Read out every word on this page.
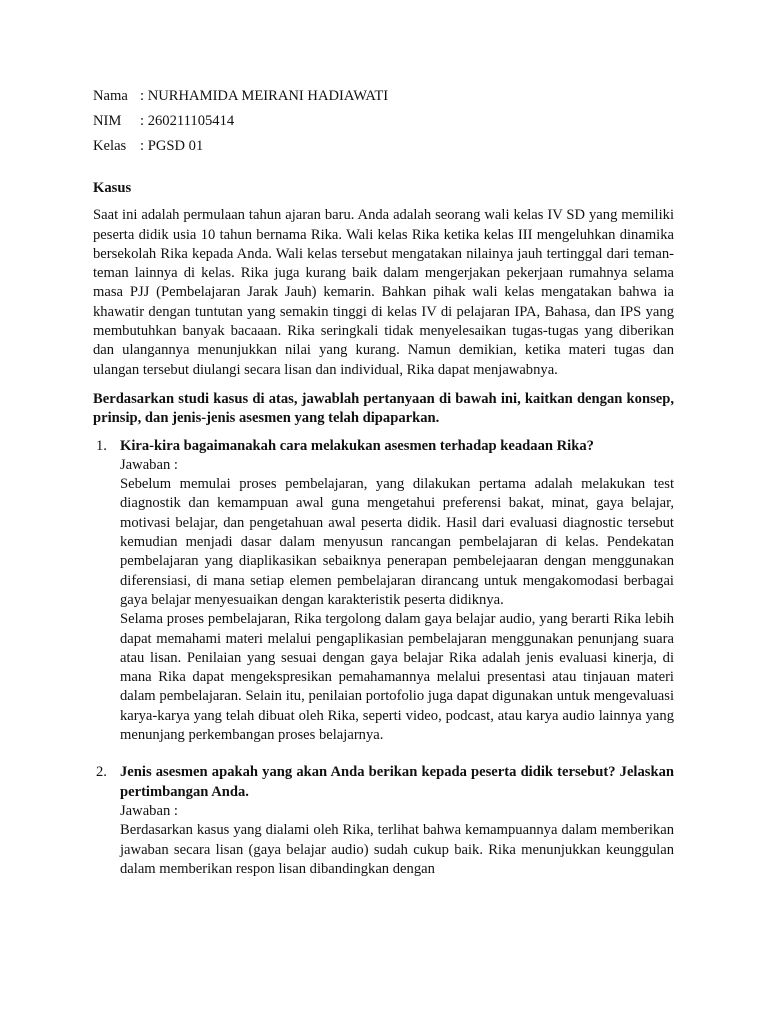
Nama : NURHAMIDA MEIRANI HADIAWATI
NIM	: 260211105414
Kelas : PGSD 01
Kasus

Saat ini adalah permulaan tahun ajaran baru. Anda adalah seorang wali kelas IV SD yang memiliki peserta didik usia 10 tahun bernama Rika. Wali kelas Rika ketika kelas III mengeluhkan dinamika bersekolah Rika kepada Anda. Wali kelas tersebut mengatakan nilainya jauh tertinggal dari teman-teman lainnya di kelas. Rika juga kurang baik dalam mengerjakan pekerjaan rumahnya selama masa PJJ (Pembelajaran Jarak Jauh) kemarin. Bahkan pihak wali kelas mengatakan bahwa ia khawatir dengan tuntutan yang semakin tinggi di kelas IV di pelajaran IPA, Bahasa, dan IPS yang membutuhkan banyak bacaaan. Rika seringkali tidak menyelesaikan tugas-tugas yang diberikan dan ulangannya menunjukkan nilai yang kurang. Namun demikian, ketika materi tugas dan ulangan tersebut diulangi secara lisan dan individual, Rika dapat menjawabnya.

Berdasarkan studi kasus di atas, jawablah pertanyaan di bawah ini, kaitkan dengan konsep, prinsip, dan jenis-jenis asesmen yang telah dipaparkan.
1. Kira-kira bagaimanakah cara melakukan asesmen terhadap keadaan Rika?
Jawaban :

Sebelum memulai proses pembelajaran, yang dilakukan pertama adalah melakukan test diagnostik dan kemampuan awal guna mengetahui preferensi bakat, minat, gaya belajar, motivasi belajar, dan pengetahuan awal peserta didik. Hasil dari evaluasi diagnostic tersebut kemudian menjadi dasar dalam menyusun rancangan pembelajaran di kelas. Pendekatan pembelajaran yang diaplikasikan sebaiknya penerapan pembelejaaran dengan menggunakan diferensiasi, di mana setiap elemen pembelajaran dirancang untuk mengakomodasi berbagai gaya belajar menyesuaikan dengan karakteristik peserta didiknya.

Selama proses pembelajaran, Rika tergolong dalam gaya belajar audio, yang berarti Rika lebih dapat memahami materi melalui pengaplikasian pembelajaran menggunakan penunjang suara atau lisan. Penilaian yang sesuai dengan gaya belajar Rika adalah jenis evaluasi kinerja, di mana Rika dapat mengekspresikan pemahamannya melalui presentasi atau tinjauan materi dalam pembelajaran. Selain itu, penilaian portofolio juga dapat digunakan untuk mengevaluasi karya-karya yang telah dibuat oleh Rika, seperti video, podcast, atau karya audio lainnya yang menunjang perkembangan proses belajarnya.

2. Jenis asesmen apakah yang akan Anda berikan kepada peserta didik tersebut? Jelaskan pertimbangan Anda.
Jawaban :

Berdasarkan kasus yang dialami oleh Rika, terlihat bahwa kemampuannya dalam memberikan jawaban secara lisan (gaya belajar audio) sudah cukup baik. Rika menunjukkan keunggulan dalam memberikan respon lisan dibandingkan dengan
